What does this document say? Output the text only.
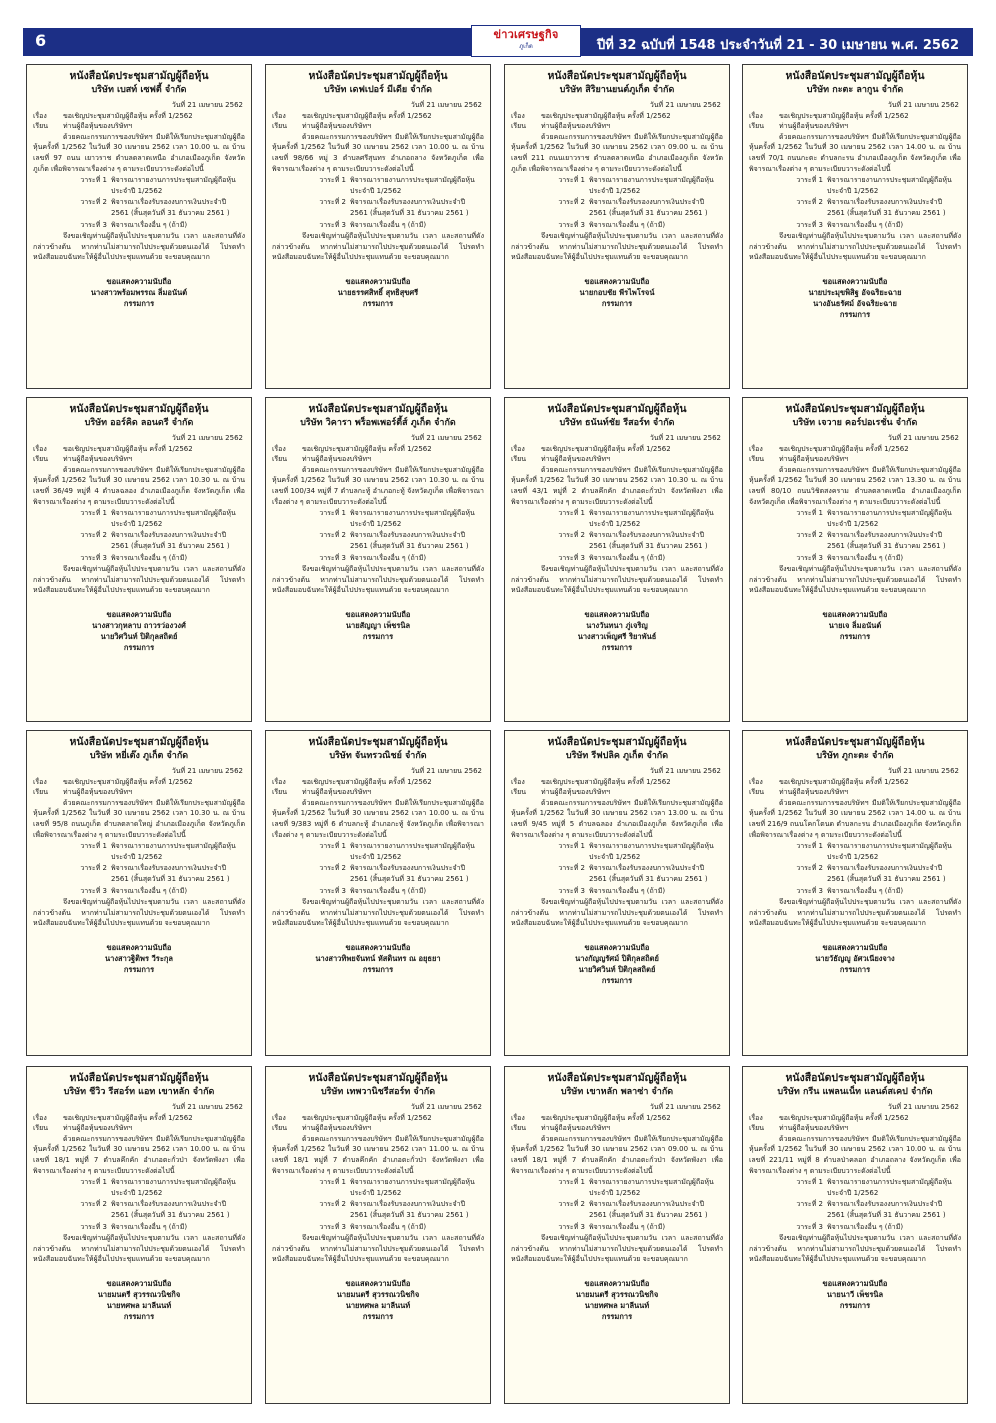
6	ข่าวเศรษฐกิจ
ภูเก็ต	ปีที่ 32 ฉบับที่ 1548 ประจำวันที่ 21 - 30 เมษายน พ.ศ. 2562
หนังสือนัดประชุมสามัญผู้ถือหุ้น
บริษัท เบสท์ เซฟตี้ จำกัด
วันที่ 21 เมษายน 2562
เรื่อง	ขอเชิญประชุมสามัญผู้ถือหุ้น ครั้งที่ 1/2562
เรียน	ท่านผู้ถือหุ้นของบริษัทฯ
ด้วยคณะกรรมการของบริษัทฯ มีมติให้เรียกประชุมสามัญผู้ถือหุ้นครั้งที่ 1/2562 ในวันที่ 30 เมษายน 2562 เวลา 10.00 น. ณ บ้านเลขที่ 97 ถนน เยาวราช ตำบลตลาดเหนือ อำเภอเมืองภูเก็ต จังหวัดภูเก็ต เพื่อพิจารณาเรื่องต่าง ๆ ตามระเบียบวาระดังต่อไปนี้
วาระที่ 1 พิจารณารายงานการประชุมสามัญผู้ถือหุ้น ประจำปี 1/2562
วาระที่ 2 พิจารณาเรื่องรับรองงบการเงินประจำปี 2561 (สิ้นสุดวันที่ 31 ธันวาคม 2561 )
วาระที่ 3 พิจารณาเรื่องอื่น ๆ (ถ้ามี)
จึงขอเชิญท่านผู้ถือหุ้นไปประชุมตามวัน เวลา และสถานที่ดังกล่าวข้างต้น หากท่านไม่สามารถไปประชุมด้วยตนเองได้ โปรดทำหนังสือมอบฉันทะให้ผู้อื่นไปประชุมแทนด้วย จะขอบคุณมาก
ขอแสดงความนับถือ
นางสาวพร้อมพรรณ ลิ่มอนันต์
กรรมการ
หนังสือนัดประชุมสามัญผู้ถือหุ้น
บริษัท เดฟเปอร์ มีเดีย จำกัด
วันที่ 21 เมษายน 2562
เรื่อง	ขอเชิญประชุมสามัญผู้ถือหุ้น ครั้งที่ 1/2562
เรียน	ท่านผู้ถือหุ้นของบริษัทฯ
ด้วยคณะกรรมการของบริษัทฯ มีมติให้เรียกประชุมสามัญผู้ถือหุ้นครั้งที่ 1/2562 ในวันที่ 30 เมษายน 2562 เวลา 10.00 น. ณ บ้านเลขที่ 98/66 หมู่ 3 ตำบลศรีสุนทร อำเภอถลาง จังหวัดภูเก็ต เพื่อพิจารณาเรื่องต่าง ๆ ตามระเบียบวาระดังต่อไปนี้
วาระที่ 1 พิจารณารายงานการประชุมสามัญผู้ถือหุ้น ประจำปี 1/2562
วาระที่ 2 พิจารณาเรื่องรับรองงบการเงินประจำปี 2561 (สิ้นสุดวันที่ 31 ธันวาคม 2561 )
วาระที่ 3 พิจารณาเรื่องอื่น ๆ (ถ้ามี)
จึงขอเชิญท่านผู้ถือหุ้นไปประชุมตามวัน เวลา และสถานที่ดังกล่าวข้างต้น หากท่านไม่สามารถไปประชุมด้วยตนเองได้ โปรดทำหนังสือมอบฉันทะให้ผู้อื่นไปประชุมแทนด้วย จะขอบคุณมาก
ขอแสดงความนับถือ
นายธรรศสิทธิ์ สุทธิสุขศรี
กรรมการ
หนังสือนัดประชุมสามัญผู้ถือหุ้น
บริษัท สิริยานยนต์ภูเก็ต จำกัด
วันที่ 21 เมษายน 2562
เรื่อง	ขอเชิญประชุมสามัญผู้ถือหุ้น ครั้งที่ 1/2562
เรียน	ท่านผู้ถือหุ้นของบริษัทฯ
ด้วยคณะกรรมการของบริษัทฯ มีมติให้เรียกประชุมสามัญผู้ถือหุ้นครั้งที่ 1/2562 ในวันที่ 30 เมษายน 2562 เวลา 09.00 น. ณ บ้านเลขที่ 211 ถนนเยาวราช ตำบลตลาดเหนือ อำเภอเมืองภูเก็ต จังหวัดภูเก็ต เพื่อพิจารณาเรื่องต่าง ๆ ตามระเบียบวาระดังต่อไปนี้
วาระที่ 1 พิจารณารายงานการประชุมสามัญผู้ถือหุ้น ประจำปี 1/2562
วาระที่ 2 พิจารณาเรื่องรับรองงบการเงินประจำปี 2561 (สิ้นสุดวันที่ 31 ธันวาคม 2561 )
วาระที่ 3 พิจารณาเรื่องอื่น ๆ (ถ้ามี)
จึงขอเชิญท่านผู้ถือหุ้นไปประชุมตามวัน เวลา และสถานที่ดังกล่าวข้างต้น หากท่านไม่สามารถไปประชุมด้วยตนเองได้ โปรดทำหนังสือมอบฉันทะให้ผู้อื่นไปประชุมแทนด้วย จะขอบคุณมาก
ขอแสดงความนับถือ
นายกอบชัย พีรไพโรจน์
กรรมการ
หนังสือนัดประชุมสามัญผู้ถือหุ้น
บริษัท กะตะ ลากูน จำกัด
วันที่ 21 เมษายน 2562
เรื่อง	ขอเชิญประชุมสามัญผู้ถือหุ้น ครั้งที่ 1/2562
เรียน	ท่านผู้ถือหุ้นของบริษัทฯ
ด้วยคณะกรรมการของบริษัทฯ มีมติให้เรียกประชุมสามัญผู้ถือหุ้นครั้งที่ 1/2562 ในวันที่ 30 เมษายน 2562 เวลา 14.00 น. ณ บ้านเลขที่ 70/1 ถนนกะตะ ตำบลกะรน อำเภอเมืองภูเก็ต จังหวัดภูเก็ต เพื่อพิจารณาเรื่องต่าง ๆ ตามระเบียบวาระดังต่อไปนี้
วาระที่ 1 พิจารณารายงานการประชุมสามัญผู้ถือหุ้น ประจำปี 1/2562
วาระที่ 2 พิจารณาเรื่องรับรองงบการเงินประจำปี 2561 (สิ้นสุดวันที่ 31 ธันวาคม 2561 )
วาระที่ 3 พิจารณาเรื่องอื่น ๆ (ถ้ามี)
จึงขอเชิญท่านผู้ถือหุ้นไปประชุมตามวัน เวลา และสถานที่ดังกล่าวข้างต้น หากท่านไม่สามารถไปประชุมด้วยตนเองได้ โปรดทำหนังสือมอบฉันทะให้ผู้อื่นไปประชุมแทนด้วย จะขอบคุณมาก
ขอแสดงความนับถือ
นายประมุขพิสิฐ อัจฉริยะฉาย
นางอันธรัศม์ อัจฉริยะฉาย
กรรมการ
หนังสือนัดประชุมสามัญผู้ถือหุ้น
บริษัท ออร์คิด ลอนดรี จำกัด
วันที่ 21 เมษายน 2562
เรื่อง	ขอเชิญประชุมสามัญผู้ถือหุ้น ครั้งที่ 1/2562
เรียน	ท่านผู้ถือหุ้นของบริษัทฯ
ด้วยคณะกรรมการของบริษัทฯ มีมติให้เรียกประชุมสามัญผู้ถือหุ้นครั้งที่ 1/2562 ในวันที่ 30 เมษายน 2562 เวลา 10.30 น. ณ บ้านเลขที่ 36/49 หมู่ที่ 4 ตำบลฉลอง อำเภอเมืองภูเก็ต จังหวัดภูเก็ต เพื่อพิจารณาเรื่องต่าง ๆ ตามระเบียบวาระดังต่อไปนี้
วาระที่ 1 พิจารณารายงานการประชุมสามัญผู้ถือหุ้น ประจำปี 1/2562
วาระที่ 2 พิจารณาเรื่องรับรองงบการเงินประจำปี 2561 (สิ้นสุดวันที่ 31 ธันวาคม 2561 )
วาระที่ 3 พิจารณาเรื่องอื่น ๆ (ถ้ามี)
จึงขอเชิญท่านผู้ถือหุ้นไปประชุมตามวัน เวลา และสถานที่ดังกล่าวข้างต้น หากท่านไม่สามารถไปประชุมด้วยตนเองได้ โปรดทำหนังสือมอบฉันทะให้ผู้อื่นไปประชุมแทนด้วย จะขอบคุณมาก
ขอแสดงความนับถือ
นางสาวกุหลาบ ถาวรว่องวงศ์
นายวิศวินท์ ปิติกุลสถิตย์
กรรมการ
หนังสือนัดประชุมสามัญผู้ถือหุ้น
บริษัท วิคารา พร็อพเพอร์ตี้ส์ ภูเก็ต จำกัด
วันที่ 21 เมษายน 2562
เรื่อง	ขอเชิญประชุมสามัญผู้ถือหุ้น ครั้งที่ 1/2562
เรียน	ท่านผู้ถือหุ้นของบริษัทฯ
ด้วยคณะกรรมการของบริษัทฯ มีมติให้เรียกประชุมสามัญผู้ถือหุ้นครั้งที่ 1/2562 ในวันที่ 30 เมษายน 2562 เวลา 10.30 น. ณ บ้านเลขที่ 100/34 หมู่ที่ 7 ตำบลกะทู้ อำเภอกะทู้ จังหวัดภูเก็ต เพื่อพิจารณาเรื่องต่าง ๆ ตามระเบียบวาระดังต่อไปนี้
วาระที่ 1 พิจารณารายงานการประชุมสามัญผู้ถือหุ้น ประจำปี 1/2562
วาระที่ 2 พิจารณาเรื่องรับรองงบการเงินประจำปี 2561 (สิ้นสุดวันที่ 31 ธันวาคม 2561 )
วาระที่ 3 พิจารณาเรื่องอื่น ๆ (ถ้ามี)
จึงขอเชิญท่านผู้ถือหุ้นไปประชุมตามวัน เวลา และสถานที่ดังกล่าวข้างต้น หากท่านไม่สามารถไปประชุมด้วยตนเองได้ โปรดทำหนังสือมอบฉันทะให้ผู้อื่นไปประชุมแทนด้วย จะขอบคุณมาก
ขอแสดงความนับถือ
นายสัญญา เพ็ชรนิล
กรรมการ
หนังสือนัดประชุมสามัญผู้ถือหุ้น
บริษัท ธนันท์ชัย รีสอร์ท จำกัด
วันที่ 21 เมษายน 2562
เรื่อง	ขอเชิญประชุมสามัญผู้ถือหุ้น ครั้งที่ 1/2562
เรียน	ท่านผู้ถือหุ้นของบริษัทฯ
ด้วยคณะกรรมการของบริษัทฯ มีมติให้เรียกประชุมสามัญผู้ถือหุ้นครั้งที่ 1/2562 ในวันที่ 30 เมษายน 2562 เวลา 10.30 น. ณ บ้านเลขที่ 43/1 หมู่ที่ 2 ตำบลคึกคัก อำเภอตะกั่วป่า จังหวัดพังงา เพื่อพิจารณาเรื่องต่าง ๆ ตามระเบียบวาระดังต่อไปนี้
วาระที่ 1 พิจารณารายงานการประชุมสามัญผู้ถือหุ้น ประจำปี 1/2562
วาระที่ 2 พิจารณาเรื่องรับรองงบการเงินประจำปี 2561 (สิ้นสุดวันที่ 31 ธันวาคม 2561 )
วาระที่ 3 พิจารณาเรื่องอื่น ๆ (ถ้ามี)
จึงขอเชิญท่านผู้ถือหุ้นไปประชุมตามวัน เวลา และสถานที่ดังกล่าวข้างต้น หากท่านไม่สามารถไปประชุมด้วยตนเองได้ โปรดทำหนังสือมอบฉันทะให้ผู้อื่นไปประชุมแทนด้วย จะขอบคุณมาก
ขอแสดงความนับถือ
นางวันทนา ภู่เจริญ
นางสาวเพ็ญศรี ริยาพันธ์
กรรมการ
หนังสือนัดประชุมสามัญผู้ถือหุ้น
บริษัท เจวาย คอร์ปอเรชั่น จำกัด
วันที่ 21 เมษายน 2562
เรื่อง	ขอเชิญประชุมสามัญผู้ถือหุ้น ครั้งที่ 1/2562
เรียน	ท่านผู้ถือหุ้นของบริษัทฯ
ด้วยคณะกรรมการของบริษัทฯ มีมติให้เรียกประชุมสามัญผู้ถือหุ้นครั้งที่ 1/2562 ในวันที่ 30 เมษายน 2562 เวลา 13.30 น. ณ บ้านเลขที่ 80/10 ถนนวิชิตสงคราม ตำบลตลาดเหนือ อำเภอเมืองภูเก็ต จังหวัดภูเก็ต เพื่อพิจารณาเรื่องต่าง ๆ ตามระเบียบวาระดังต่อไปนี้
วาระที่ 1 พิจารณารายงานการประชุมสามัญผู้ถือหุ้น ประจำปี 1/2562
วาระที่ 2 พิจารณาเรื่องรับรองงบการเงินประจำปี 2561 (สิ้นสุดวันที่ 31 ธันวาคม 2561 )
วาระที่ 3 พิจารณาเรื่องอื่น ๆ (ถ้ามี)
จึงขอเชิญท่านผู้ถือหุ้นไปประชุมตามวัน เวลา และสถานที่ดังกล่าวข้างต้น หากท่านไม่สามารถไปประชุมด้วยตนเองได้ โปรดทำหนังสือมอบฉันทะให้ผู้อื่นไปประชุมแทนด้วย จะขอบคุณมาก
ขอแสดงความนับถือ
นายเจ ลิ่มอนันต์
กรรมการ
หนังสือนัดประชุมสามัญผู้ถือหุ้น
บริษัท หยี่เต๊ง ภูเก็ต จำกัด
วันที่ 21 เมษายน 2562
เรื่อง	ขอเชิญประชุมสามัญผู้ถือหุ้น ครั้งที่ 1/2562
เรียน	ท่านผู้ถือหุ้นของบริษัทฯ
ด้วยคณะกรรมการของบริษัทฯ มีมติให้เรียกประชุมสามัญผู้ถือหุ้นครั้งที่ 1/2562 ในวันที่ 30 เมษายน 2562 เวลา 10.30 น. ณ บ้านเลขที่ 95/8 ถนนภูเก็ต ตำบลตลาดใหญ่ อำเภอเมืองภูเก็ต จังหวัดภูเก็ต เพื่อพิจารณาเรื่องต่าง ๆ ตามระเบียบวาระดังต่อไปนี้
วาระที่ 1 พิจารณารายงานการประชุมสามัญผู้ถือหุ้น ประจำปี 1/2562
วาระที่ 2 พิจารณาเรื่องรับรองงบการเงินประจำปี 2561 (สิ้นสุดวันที่ 31 ธันวาคม 2561 )
วาระที่ 3 พิจารณาเรื่องอื่น ๆ (ถ้ามี)
จึงขอเชิญท่านผู้ถือหุ้นไปประชุมตามวัน เวลา และสถานที่ดังกล่าวข้างต้น หากท่านไม่สามารถไปประชุมด้วยตนเองได้ โปรดทำหนังสือมอบฉันทะให้ผู้อื่นไปประชุมแทนด้วย จะขอบคุณมาก
ขอแสดงความนับถือ
นางสาวฐิติพร วีระกุล
กรรมการ
หนังสือนัดประชุมสามัญผู้ถือหุ้น
บริษัท จันทรวณิชย์ จำกัด
วันที่ 21 เมษายน 2562
เรื่อง	ขอเชิญประชุมสามัญผู้ถือหุ้น ครั้งที่ 1/2562
เรียน	ท่านผู้ถือหุ้นของบริษัทฯ
ด้วยคณะกรรมการของบริษัทฯ มีมติให้เรียกประชุมสามัญผู้ถือหุ้นครั้งที่ 1/2562 ในวันที่ 30 เมษายน 2562 เวลา 10.00 น. ณ บ้านเลขที่ 9/383 หมู่ที่ 6 ตำบลกะทู้ อำเภอกะทู้ จังหวัดภูเก็ต เพื่อพิจารณาเรื่องต่าง ๆ ตามระเบียบวาระดังต่อไปนี้
วาระที่ 1 พิจารณารายงานการประชุมสามัญผู้ถือหุ้น ประจำปี 1/2562
วาระที่ 2 พิจารณาเรื่องรับรองงบการเงินประจำปี 2561 (สิ้นสุดวันที่ 31 ธันวาคม 2561 )
วาระที่ 3 พิจารณาเรื่องอื่น ๆ (ถ้ามี)
จึงขอเชิญท่านผู้ถือหุ้นไปประชุมตามวัน เวลา และสถานที่ดังกล่าวข้างต้น หากท่านไม่สามารถไปประชุมด้วยตนเองได้ โปรดทำหนังสือมอบฉันทะให้ผู้อื่นไปประชุมแทนด้วย จะขอบคุณมาก
ขอแสดงความนับถือ
นางสาวทิพยจันทน์ หัสดินทร ณ อยุธยา
กรรมการ
หนังสือนัดประชุมสามัญผู้ถือหุ้น
บริษัท รีฟปลิค ภูเก็ต จำกัด
วันที่ 21 เมษายน 2562
เรื่อง	ขอเชิญประชุมสามัญผู้ถือหุ้น ครั้งที่ 1/2562
เรียน	ท่านผู้ถือหุ้นของบริษัทฯ
ด้วยคณะกรรมการของบริษัทฯ มีมติให้เรียกประชุมสามัญผู้ถือหุ้นครั้งที่ 1/2562 ในวันที่ 30 เมษายน 2562 เวลา 13.00 น. ณ บ้านเลขที่ 9/45 หมู่ที่ 5 ตำบลฉลอง อำเภอเมืองภูเก็ต จังหวัดภูเก็ต เพื่อพิจารณาเรื่องต่าง ๆ ตามระเบียบวาระดังต่อไปนี้
วาระที่ 1 พิจารณารายงานการประชุมสามัญผู้ถือหุ้น ประจำปี 1/2562
วาระที่ 2 พิจารณาเรื่องรับรองงบการเงินประจำปี 2561 (สิ้นสุดวันที่ 31 ธันวาคม 2561 )
วาระที่ 3 พิจารณาเรื่องอื่น ๆ (ถ้ามี)
จึงขอเชิญท่านผู้ถือหุ้นไปประชุมตามวัน เวลา และสถานที่ดังกล่าวข้างต้น หากท่านไม่สามารถไปประชุมด้วยตนเองได้ โปรดทำหนังสือมอบฉันทะให้ผู้อื่นไปประชุมแทนด้วย จะขอบคุณมาก
ขอแสดงความนับถือ
นางกัญญรัศม์ ปิติกุลสถิตย์
นายวิศวินท์ ปิติกุลสถิตย์
กรรมการ
หนังสือนัดประชุมสามัญผู้ถือหุ้น
บริษัท ภูกะตะ จำกัด
วันที่ 21 เมษายน 2562
เรื่อง	ขอเชิญประชุมสามัญผู้ถือหุ้น ครั้งที่ 1/2562
เรียน	ท่านผู้ถือหุ้นของบริษัทฯ
ด้วยคณะกรรมการของบริษัทฯ มีมติให้เรียกประชุมสามัญผู้ถือหุ้นครั้งที่ 1/2562 ในวันที่ 30 เมษายน 2562 เวลา 14.00 น. ณ บ้านเลขที่ 216/9 ถนนโคกโตนด ตำบลกะรน อำเภอเมืองภูเก็ต จังหวัดภูเก็ต เพื่อพิจารณาเรื่องต่าง ๆ ตามระเบียบวาระดังต่อไปนี้
วาระที่ 1 พิจารณารายงานการประชุมสามัญผู้ถือหุ้น ประจำปี 1/2562
วาระที่ 2 พิจารณาเรื่องรับรองงบการเงินประจำปี 2561 (สิ้นสุดวันที่ 31 ธันวาคม 2561 )
วาระที่ 3 พิจารณาเรื่องอื่น ๆ (ถ้ามี)
จึงขอเชิญท่านผู้ถือหุ้นไปประชุมตามวัน เวลา และสถานที่ดังกล่าวข้างต้น หากท่านไม่สามารถไปประชุมด้วยตนเองได้ โปรดทำหนังสือมอบฉันทะให้ผู้อื่นไปประชุมแทนด้วย จะขอบคุณมาก
ขอแสดงความนับถือ
นายวัธัญญู อัศวเนียงจาง
กรรมการ
หนังสือนัดประชุมสามัญผู้ถือหุ้น
บริษัท ชีวิว รีสอร์ท แอท เขาหลัก จำกัด
วันที่ 21 เมษายน 2562
เรื่อง	ขอเชิญประชุมสามัญผู้ถือหุ้น ครั้งที่ 1/2562
เรียน	ท่านผู้ถือหุ้นของบริษัทฯ
ด้วยคณะกรรมการของบริษัทฯ มีมติให้เรียกประชุมสามัญผู้ถือหุ้นครั้งที่ 1/2562 ในวันที่ 30 เมษายน 2562 เวลา 10.00 น. ณ บ้านเลขที่ 18/1 หมู่ที่ 7 ตำบลคึกคัก อำเภอตะกั่วป่า จังหวัดพังงา เพื่อพิจารณาเรื่องต่าง ๆ ตามระเบียบวาระดังต่อไปนี้
วาระที่ 1 พิจารณารายงานการประชุมสามัญผู้ถือหุ้น ประจำปี 1/2562
วาระที่ 2 พิจารณาเรื่องรับรองงบการเงินประจำปี 2561 (สิ้นสุดวันที่ 31 ธันวาคม 2561 )
วาระที่ 3 พิจารณาเรื่องอื่น ๆ (ถ้ามี)
จึงขอเชิญท่านผู้ถือหุ้นไปประชุมตามวัน เวลา และสถานที่ดังกล่าวข้างต้น หากท่านไม่สามารถไปประชุมด้วยตนเองได้ โปรดทำหนังสือมอบฉันทะให้ผู้อื่นไปประชุมแทนด้วย จะขอบคุณมาก
ขอแสดงความนับถือ
นายมนตรี สุวรรณวนิชกิจ
นายทศพล มาลีนนท์
กรรมการ
หนังสือนัดประชุมสามัญผู้ถือหุ้น
บริษัท เทพวานิชรีสอร์ท จำกัด
วันที่ 21 เมษายน 2562
เรื่อง	ขอเชิญประชุมสามัญผู้ถือหุ้น ครั้งที่ 1/2562
เรียน	ท่านผู้ถือหุ้นของบริษัทฯ
ด้วยคณะกรรมการของบริษัทฯ มีมติให้เรียกประชุมสามัญผู้ถือหุ้นครั้งที่ 1/2562 ในวันที่ 30 เมษายน 2562 เวลา 11.00 น. ณ บ้านเลขที่ 18/1 หมู่ที่ 7 ตำบลคึกคัก อำเภอตะกั่วป่า จังหวัดพังงา เพื่อพิจารณาเรื่องต่าง ๆ ตามระเบียบวาระดังต่อไปนี้
วาระที่ 1 พิจารณารายงานการประชุมสามัญผู้ถือหุ้น ประจำปี 1/2562
วาระที่ 2 พิจารณาเรื่องรับรองงบการเงินประจำปี 2561 (สิ้นสุดวันที่ 31 ธันวาคม 2561 )
วาระที่ 3 พิจารณาเรื่องอื่น ๆ (ถ้ามี)
จึงขอเชิญท่านผู้ถือหุ้นไปประชุมตามวัน เวลา และสถานที่ดังกล่าวข้างต้น หากท่านไม่สามารถไปประชุมด้วยตนเองได้ โปรดทำหนังสือมอบฉันทะให้ผู้อื่นไปประชุมแทนด้วย จะขอบคุณมาก
ขอแสดงความนับถือ
นายมนตรี สุวรรณวนิชกิจ
นายทศพล มาลีนนท์
กรรมการ
หนังสือนัดประชุมสามัญผู้ถือหุ้น
บริษัท เขาหลัก พลาซ่า จำกัด
วันที่ 21 เมษายน 2562
เรื่อง	ขอเชิญประชุมสามัญผู้ถือหุ้น ครั้งที่ 1/2562
เรียน	ท่านผู้ถือหุ้นของบริษัทฯ
ด้วยคณะกรรมการของบริษัทฯ มีมติให้เรียกประชุมสามัญผู้ถือหุ้นครั้งที่ 1/2562 ในวันที่ 30 เมษายน 2562 เวลา 09.00 น. ณ บ้านเลขที่ 18/1 หมู่ที่ 7 ตำบลคึกคัก อำเภอตะกั่วป่า จังหวัดพังงา เพื่อพิจารณาเรื่องต่าง ๆ ตามระเบียบวาระดังต่อไปนี้
วาระที่ 1 พิจารณารายงานการประชุมสามัญผู้ถือหุ้น ประจำปี 1/2562
วาระที่ 2 พิจารณาเรื่องรับรองงบการเงินประจำปี 2561 (สิ้นสุดวันที่ 31 ธันวาคม 2561 )
วาระที่ 3 พิจารณาเรื่องอื่น ๆ (ถ้ามี)
จึงขอเชิญท่านผู้ถือหุ้นไปประชุมตามวัน เวลา และสถานที่ดังกล่าวข้างต้น หากท่านไม่สามารถไปประชุมด้วยตนเองได้ โปรดทำหนังสือมอบฉันทะให้ผู้อื่นไปประชุมแทนด้วย จะขอบคุณมาก
ขอแสดงความนับถือ
นายมนตรี สุวรรณวนิชกิจ
นายทศพล มาลีนนท์
กรรมการ
หนังสือนัดประชุมสามัญผู้ถือหุ้น
บริษัท กรีน แพลนเน็ท แลนด์สเคป จำกัด
วันที่ 21 เมษายน 2562
เรื่อง	ขอเชิญประชุมสามัญผู้ถือหุ้น ครั้งที่ 1/2562
เรียน	ท่านผู้ถือหุ้นของบริษัทฯ
ด้วยคณะกรรมการของบริษัทฯ มีมติให้เรียกประชุมสามัญผู้ถือหุ้นครั้งที่ 1/2562 ในวันที่ 30 เมษายน 2562 เวลา 10.00 น. ณ บ้านเลขที่ 221/11 หมู่ที่ 8 ตำบลป่าคลอก อำเภอถลาง จังหวัดภูเก็ต เพื่อพิจารณาเรื่องต่าง ๆ ตามระเบียบวาระดังต่อไปนี้
วาระที่ 1 พิจารณารายงานการประชุมสามัญผู้ถือหุ้น ประจำปี 1/2562
วาระที่ 2 พิจารณาเรื่องรับรองงบการเงินประจำปี 2561 (สิ้นสุดวันที่ 31 ธันวาคม 2561 )
วาระที่ 3 พิจารณาเรื่องอื่น ๆ (ถ้ามี)
จึงขอเชิญท่านผู้ถือหุ้นไปประชุมตามวัน เวลา และสถานที่ดังกล่าวข้างต้น หากท่านไม่สามารถไปประชุมด้วยตนเองได้ โปรดทำหนังสือมอบฉันทะให้ผู้อื่นไปประชุมแทนด้วย จะขอบคุณมาก
ขอแสดงความนับถือ
นายนาวี เพ็ชรนิล
กรรมการ
